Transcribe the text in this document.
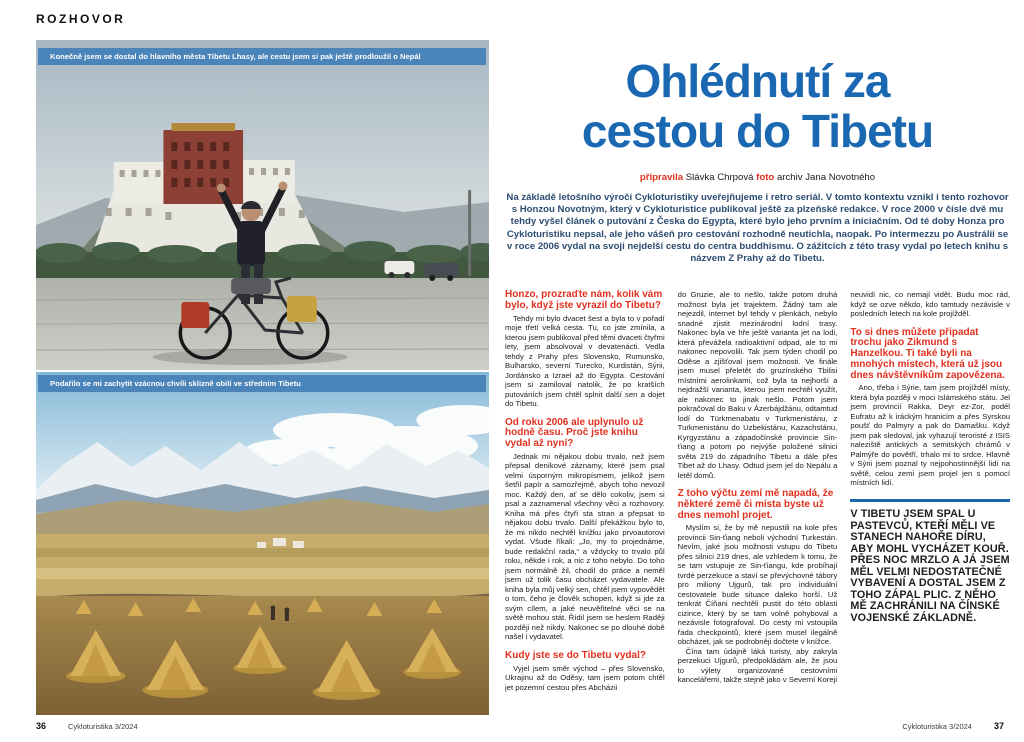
ROZHOVOR
Konečně jsem se dostal do hlavního města Tibetu Lhasy, ale cestu jsem si pak ještě prodloužil o Nepál
Podařilo se mi zachytit vzácnou chvíli sklizně obilí ve středním Tibetu
36	Cykloturistika 3/2024
Ohlédnutí za
cestou do Tibetu
připravila Slávka Chrpová foto archiv Jana Novotného

Na základě letošního výročí Cykloturistiky uveřejňujeme i retro seriál. V tomto kontextu vznikl i tento rozhovor s Honzou Novotným, který v Cykloturistice publikoval ještě za plzeňské redakce. V roce 2000 v čísle dvě mu tehdy vyšel článek o putování z Česka do Egypta, které bylo jeho prvním a iniciačním. Od té doby Honza pro Cykloturistiku nepsal, ale jeho vášeň pro cestování rozhodně neutichla, naopak. Po intermezzu po Austrálii se v roce 2006 vydal na svoji nejdelší cestu do centra buddhismu. O zážitcích z této trasy vydal po letech knihu s názvem Z Prahy až do Tibetu.

Honzo, prozraďte nám, kolik vám bylo, když jste vyrazil do Tibetu?

Tehdy mi bylo dvacet šest a byla to v pořadí moje třetí velká cesta. Tu, co jste zmínila, a kterou jsem publikoval před těmi dvaceti čtyřmi lety, jsem absolvoval v devatenácti. Vedla tehdy z Prahy přes Slovensko, Rumunsko, Bulharsko, severní Turecko, Kurdistán, Sýrii, Jordánsko a Izrael až do Egypta. Cestování jsem si zamiloval natolik, že po kratších putováních jsem chtěl splnit další sen a dojet do Tibetu.

Od roku 2006 ale uplynulo už hodně času. Proč jste knihu vydal až nyní?

Jednak mi nějakou dobu trvalo, než jsem přepsal deníkové záznamy, které jsem psal velmi úsporným mikropísmem, jelikož jsem šetřil papír a samozřejmě, abych toho nevozil moc. Každý den, ať se dělo cokoliv, jsem si psal a zaznamenal všechny věci a rozhovory. Kniha má přes čtyři sta stran a přepsat to nějakou dobu trvalo. Další překážkou bylo to, že mi nikdo nechtěl knížku jako prvoautorovi vydat. Všude říkali: „Jo, my to projednáme, bude redakční rada,“ a vždycky to trvalo půl roku, někde i rok, a nic z toho nebylo. Do toho jsem normálně žil, chodil do práce a neměl jsem už tolik času obcházet vydavatele. Ale kniha byla můj velký sen, chtěl jsem vypovědět o tom, čeho je člověk schopen, když si jde za svým cílem, a jaké neuvěřitelné věci se na světě mohou stát. Řídil jsem se heslem Raději později než nikdy. Nakonec se po dlouhé době našel i vydavatel.

Kudy jste se do Tibetu vydal?

Vyjel jsem směr východ – přes Slovensko, Ukrajinu až do Oděsy, tam jsem potom chtěl jet pozemní cestou přes Abcházii

do Gruzie, ale to nešlo, takže potom druhá možnost byla jet trajektem. Žádný tam ale nejezdil, internet byl tehdy v plenkách, nebylo snadné zjistit mezinárodní lodní trasy. Nakonec byla ve hře ještě varianta jet na lodi, která převážela radioaktivní odpad, ale to mi nakonec nepovolili. Tak jsem týden chodil po Oděse a zjišťoval jsem možnosti. Ve finále jsem musel přeletět do gruzínského Tbilisi místními aerolinkami, což byla ta nejhorší a nejdražší varianta, kterou jsem nechtěl využít, ale nakonec to jinak nešlo. Potom jsem pokračoval do Baku v Ázerbájdžánu, odtamtud lodí do Türkmenabatu v Turkmenistánu, z Turkmenistánu do Uzbekistánu, Kazachstánu, Kyrgyzstánu a západočínské provincie Sin-ťiang a potom po nejvýše položené silnici světa 219 do západního Tibetu a dále přes Tibet až do Lhasy. Odtud jsem jel do Nepálu a letěl domů.

Z toho výčtu zemí mě napadá, že některé země či místa byste už dnes nemohl projet.

Myslím si, že by mě nepustili na kole přes provincii Sin-ťiang neboli východní Turkestán. Nevím, jaké jsou možnosti vstupu do Tibetu přes silnici 219 dnes, ale vzhledem k tomu, že se tam vstupuje ze Sin-ťiangu, kde probíhají tvrdé perzekuce a staví se převýchovné tábory pro miliony Ujgurů, tak pro individuální cestovatele bude situace daleko horší. Už tenkrát Číňani nechtěli pustit do této oblasti cizince, který by se tam volně pohyboval a nezávisle fotografoval. Do cesty mi vstoupila řada checkpointů, které jsem musel ilegálně obcházet, jak se podrobněji dočtete v knížce.

Čína tam údajně láká turisty, aby zakryla perzekuci Ujgurů, předpokládám ale, že jsou to výlety organizované cestovními kancelářemi, takže stejně jako v Severní Koreji

neuvidí nic, co nemají vidět. Budu moc rád, když se ozve někdo, kdo tamtudy nezávisle v posledních letech na kole projížděl.

To si dnes můžete připadat trochu jako Zikmund s Hanzelkou. Ti také byli na mnohých místech, která už jsou dnes návštěvníkům zapovězena.

Ano, třeba i Sýrie, tam jsem projížděl místy, která byla později v moci Islámského státu. Jel jsem provincií Rakka, Deyr ez-Zor, podél Eufratu až k iráckým hranicím a přes Syrskou poušť do Palmyry a pak do Damašku. Když jsem pak sledoval, jak vyhazují teroristé z ISIS naleziště antických a semitských chrámů v Palmýře do povětří, trhalo mi to srdce. Hlavně v Sýrii jsem poznal ty nejpohostinnější lidi na světě, celou zemi jsem projel jen s pomocí místních lidí.

V TIBETU JSEM SPAL U PASTEVCŮ, KTEŘÍ MĚLI VE STANECH NAHOŘE DÍRU, ABY MOHL VYCHÁZET KOUŘ. PŘES NOC MRZLO A JÁ JSEM MĚL VELMI NEDOSTATEČNÉ VYBAVENÍ A DOSTAL JSEM Z TOHO ZÁPAL PLIC. Z NĚHO MĚ ZACHRÁNILI NA ČÍNSKÉ VOJENSKÉ ZÁKLADNĚ.

Cykloturistika 3/2024 37
